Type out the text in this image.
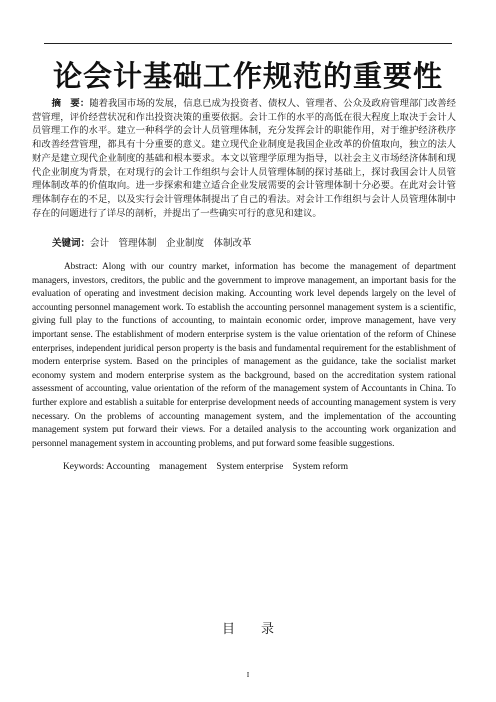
论会计基础工作规范的重要性
摘　要：随着我国市场的发展，信息已成为投资者、债权人、管理者、公众及政府管理部门改善经营管理，评价经营状况和作出投资决策的重要依据。会计工作的水平的高低在很大程度上取决于会计人员管理工作的水平。建立一种科学的会计人员管理体制，充分发挥会计的职能作用，对于维护经济秩序和改善经营管理，都具有十分重要的意义。建立现代企业制度是我国企业改革的价值取向，独立的法人财产是建立现代企业制度的基础和根本要求。本文以管理学原理为指导，以社会主义市场经济体制和现代企业制度为背景，在对现行的会计工作组织与会计人员管理体制的探讨基础上，探讨我国会计人员管理体制改革的价值取向。进一步探索和建立适合企业发展需要的会计管理体制十分必要。在此对会计管理体制存在的不足，以及实行会计管理体制提出了自己的看法。对会计工作组织与会计人员管理体制中存在的问题进行了详尽的剖析，并提出了一些确实可行的意见和建议。
关键词：会计　管理体制　企业制度　体制改革
Abstract: Along with our country market, information has become the management of department managers, investors, creditors, the public and the government to improve management, an important basis for the evaluation of operating and investment decision making. Accounting work level depends largely on the level of accounting personnel management work. To establish the accounting personnel management system is a scientific, giving full play to the functions of accounting, to maintain economic order, improve management, have very important sense. The establishment of modern enterprise system is the value orientation of the reform of Chinese enterprises, independent juridical person property is the basis and fundamental requirement for the establishment of modern enterprise system. Based on the principles of management as the guidance, take the socialist market economy system and modern enterprise system as the background, based on the accreditation system rational assessment of accounting, value orientation of the reform of the management system of Accountants in China. To further explore and establish a suitable for enterprise development needs of accounting management system is very necessary. On the problems of accounting management system, and the implementation of the accounting management system put forward their views. For a detailed analysis to the accounting work organization and personnel management system in accounting problems, and put forward some feasible suggestions.
Keywords: Accounting　management　System enterprise　System reform
目录
I
